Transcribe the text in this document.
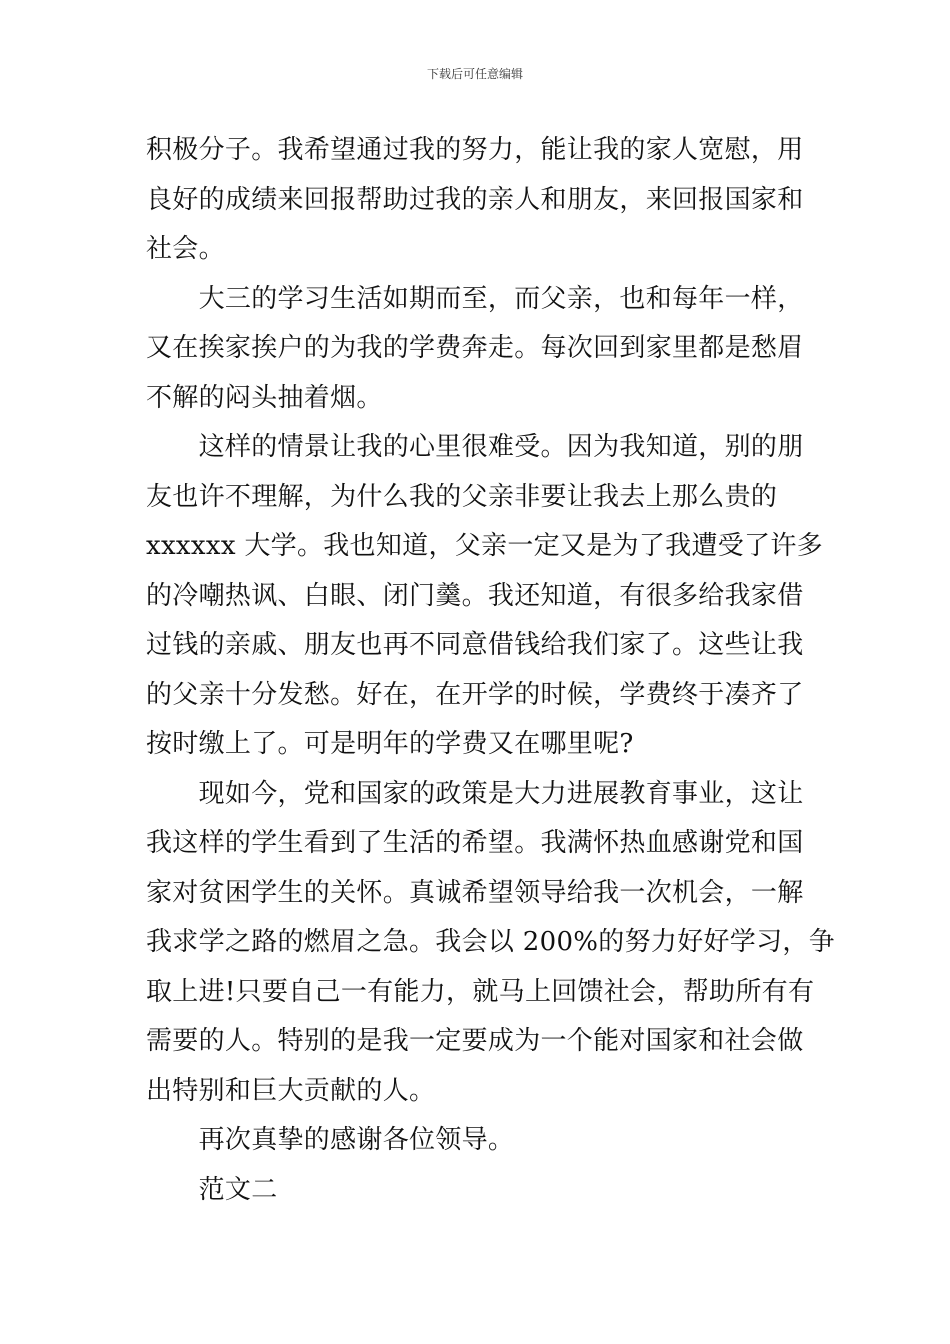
下载后可任意编辑

积极分子。我希望通过我的努力，能让我的家人宽慰，用
良好的成绩来回报帮助过我的亲人和朋友，来回报国家和
社会。

　　大三的学习生活如期而至，而父亲，也和每年一样，
又在挨家挨户的为我的学费奔走。每次回到家里都是愁眉
不解的闷头抽着烟。

　　这样的情景让我的心里很难受。因为我知道，别的朋
友也许不理解，为什么我的父亲非要让我去上那么贵的
xxxxxx 大学。我也知道，父亲一定又是为了我遭受了许多
的冷嘲热讽、白眼、闭门羹。我还知道，有很多给我家借
过钱的亲戚、朋友也再不同意借钱给我们家了。这些让我
的父亲十分发愁。好在，在开学的时候，学费终于凑齐了
按时缴上了。可是明年的学费又在哪里呢?

　　现如今，党和国家的政策是大力进展教育事业，这让
我这样的学生看到了生活的希望。我满怀热血感谢党和国
家对贫困学生的关怀。真诚希望领导给我一次机会，一解
我求学之路的燃眉之急。我会以 200%的努力好好学习，争
取上进!只要自己一有能力，就马上回馈社会，帮助所有有
需要的人。特别的是我一定要成为一个能对国家和社会做
出特别和巨大贡献的人。

　　再次真挚的感谢各位领导。

　　范文二
